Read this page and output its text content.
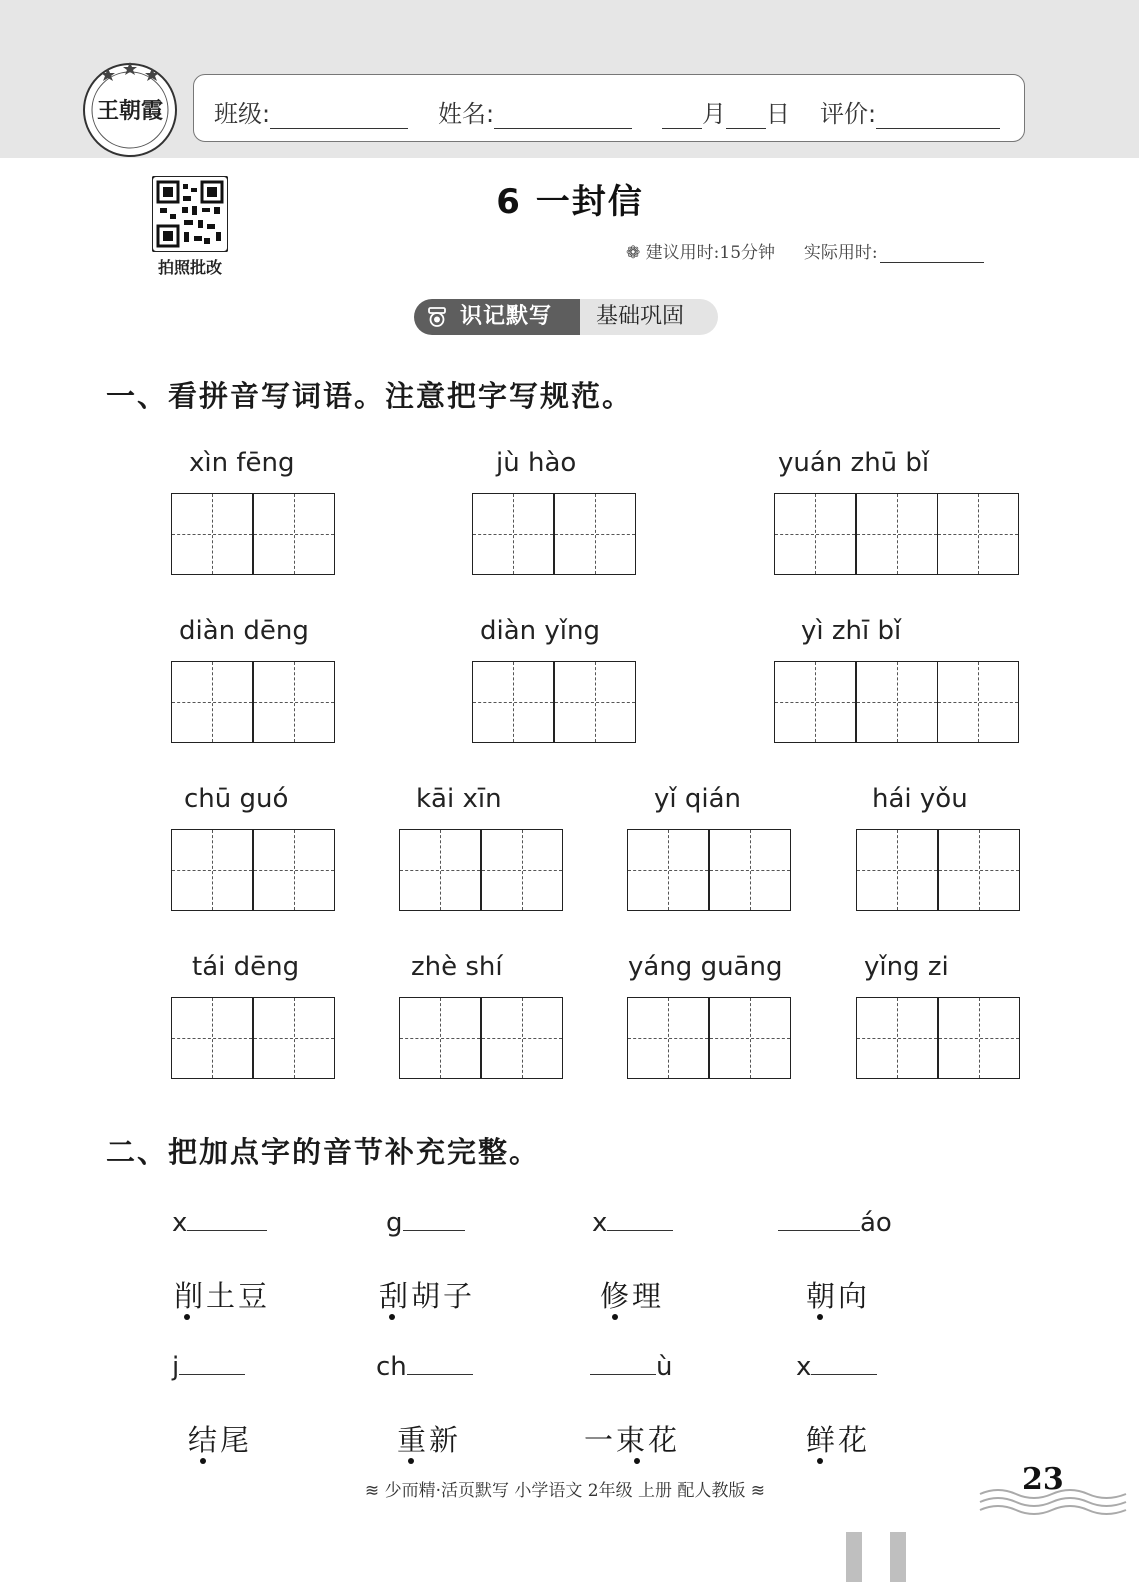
王朝霞 班级:	姓名:	月 日 评价:
拍照批改
6 一封信
❁ 建议用时:15分钟 实际用时:
识记默写	基础巩固
一、看拼音写词语。注意把字写规范。
xìn fēng	jù hào	yuán zhū bǐ
diàn dēng	diàn yǐng	yì zhī bǐ
chū guó	kāi xīn	yǐ qián	hái yǒu
tái dēng	zhè shí	yáng guāng	yǐng zi
二、把加点字的音节补充完整。
x	g	x	áo
削土豆	刮胡子	修理	朝向
j	ch	ù	x
结尾	重新	一束花	鲜花
≋ 少而精·活页默写 小学语文 2年级 上册 配人教版 ≋	23
